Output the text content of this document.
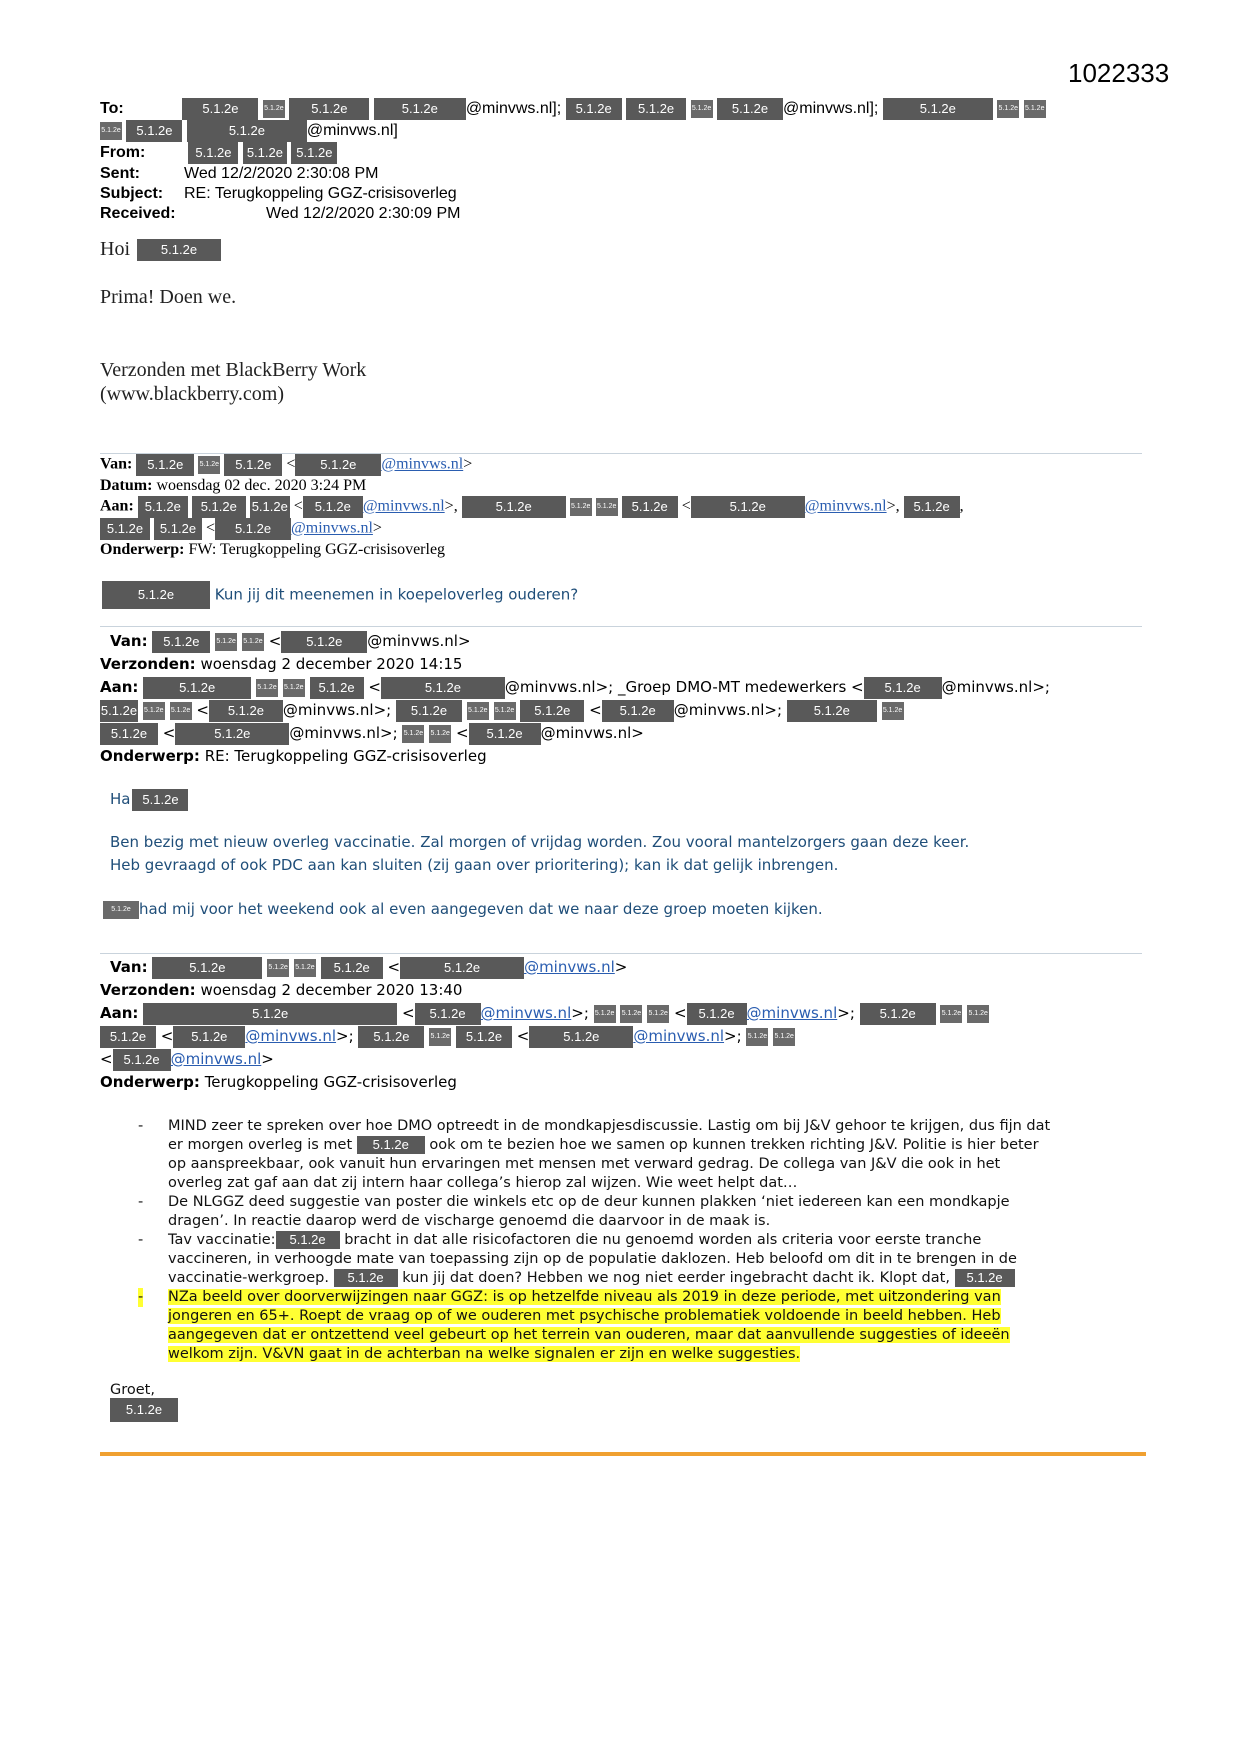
1022333
To:	5.1.2e	5.1.2e 5.1.2e	5.1.2e @minvws.nl]; 5.1.2e 5.1.2e	5.1.2e 5.1.2e @minvws.nl];	5.1.2e	5.1.2e 5.1.2e
5.1.2e 5.1.2e	5.1.2e	@minvws.nl]
From:	5.1.2e 5.1.2e 5.1.2e
Sent:	Wed 12/2/2020 2:30:08 PM
Subject: RE: Terugkoppeling GGZ-crisisoverleg
Received:	Wed 12/2/2020 2:30:09 PM
Hoi 5.1.2e
Prima! Doen we.
Verzonden met BlackBerry Work
(www.blackberry.com)
Van: 5.1.2e 5.1.2e 5.1.2e < 5.1.2e @minvws.nl>
Datum: woensdag 02 dec. 2020 3:24 PM
Aan: 5.1.2e 5.1.2e 5.1.2e < 5.1.2e @minvws.nl>,	5.1.2e	5.1.2e 5.1.2e 5.1.2e <	5.1.2e @minvws.nl>, 5.1.2e ,
5.1.2e 5.1.2e < 5.1.2e @minvws.nl>
Onderwerp: FW: Terugkoppeling GGZ-crisisoverleg
5.1.2e	Kun jij dit meenemen in koepeloverleg ouderen?
Van: 5.1.2e 5.1.2e 5.1.2e < 5.1.2e @minvws.nl>
Verzonden: woensdag 2 december 2020 14:15
Aan:	5.1.2e	5.1.2e 5.1.2e 5.1.2e <	5.1.2e	@minvws.nl>; _Groep DMO-MT medewerkers < 5.1.2e @minvws.nl>;
5.1.2e 5.1.2e 5.1.2e < 5.1.2e @minvws.nl>; 5.1.2e	5.1.2e 5.1.2e 5.1.2e < 5.1.2e @minvws.nl>; 5.1.2e	5.1.2e
5.1.2e <	5.1.2e	@minvws.nl>; 5.1.2e 5.1.2e < 5.1.2e @minvws.nl>
Onderwerp: RE: Terugkoppeling GGZ-crisisoverleg
Ha 5.1.2e
Ben bezig met nieuw overleg vaccinatie. Zal morgen of vrijdag worden. Zou vooral mantelzorgers gaan deze keer.
Heb gevraagd of ook PDC aan kan sluiten (zij gaan over prioritering); kan ik dat gelijk inbrengen.
5.1.2e had mij voor het weekend ook al even aangegeven dat we naar deze groep moeten kijken.
Van:	5.1.2e	5.1.2e 5.1.2e 5.1.2e <	5.1.2e	@minvws.nl>
Verzonden: woensdag 2 december 2020 13:40
Aan:	5.1.2e	< 5.1.2e @minvws.nl>; 5.1.2e 5.1.2e 5.1.2e < 5.1.2e @minvws.nl>; 5.1.2e	5.1.2e 5.1.2e
5.1.2e < 5.1.2e @minvws.nl>; 5.1.2e	5.1.2e 5.1.2e <	5.1.2e @minvws.nl>; 5.1.2e 5.1.2e
< 5.1.2e @minvws.nl>
Onderwerp: Terugkoppeling GGZ-crisisoverleg
- MIND zeer te spreken over hoe DMO optreedt in de mondkapjesdiscussie. Lastig om bij J&V gehoor te krijgen, dus fijn dat
er morgen overleg is met 5.1.2e ook om te bezien hoe we samen op kunnen trekken richting J&V. Politie is hier beter
op aanspreekbaar, ook vanuit hun ervaringen met mensen met verward gedrag. De collega van J&V die ook in het
overleg zat gaf aan dat zij intern haar collega’s hierop zal wijzen. Wie weet helpt dat…
- De NLGGZ deed suggestie van poster die winkels etc op de deur kunnen plakken ‘niet iedereen kan een mondkapje
dragen’. In reactie daarop werd de vischarge genoemd die daarvoor in de maak is.
- Tav vaccinatie: 5.1.2e bracht in dat alle risicofactoren die nu genoemd worden als criteria voor eerste tranche
vaccineren, in verhoogde mate van toepassing zijn op de populatie daklozen. Heb beloofd om dit in te brengen in de
vaccinatie-werkgroep. 5.1.2e kun jij dat doen? Hebben we nog niet eerder ingebracht dacht ik. Klopt dat, 5.1.2e
- NZa beeld over doorverwijzingen naar GGZ: is op hetzelfde niveau als 2019 in deze periode, met uitzondering van
jongeren en 65+. Roept de vraag op of we ouderen met psychische problematiek voldoende in beeld hebben. Heb
aangegeven dat er ontzettend veel gebeurt op het terrein van ouderen, maar dat aanvullende suggesties of ideeën
welkom zijn. V&VN gaat in de achterban na welke signalen er zijn en welke suggesties.
Groet,
5.1.2e
